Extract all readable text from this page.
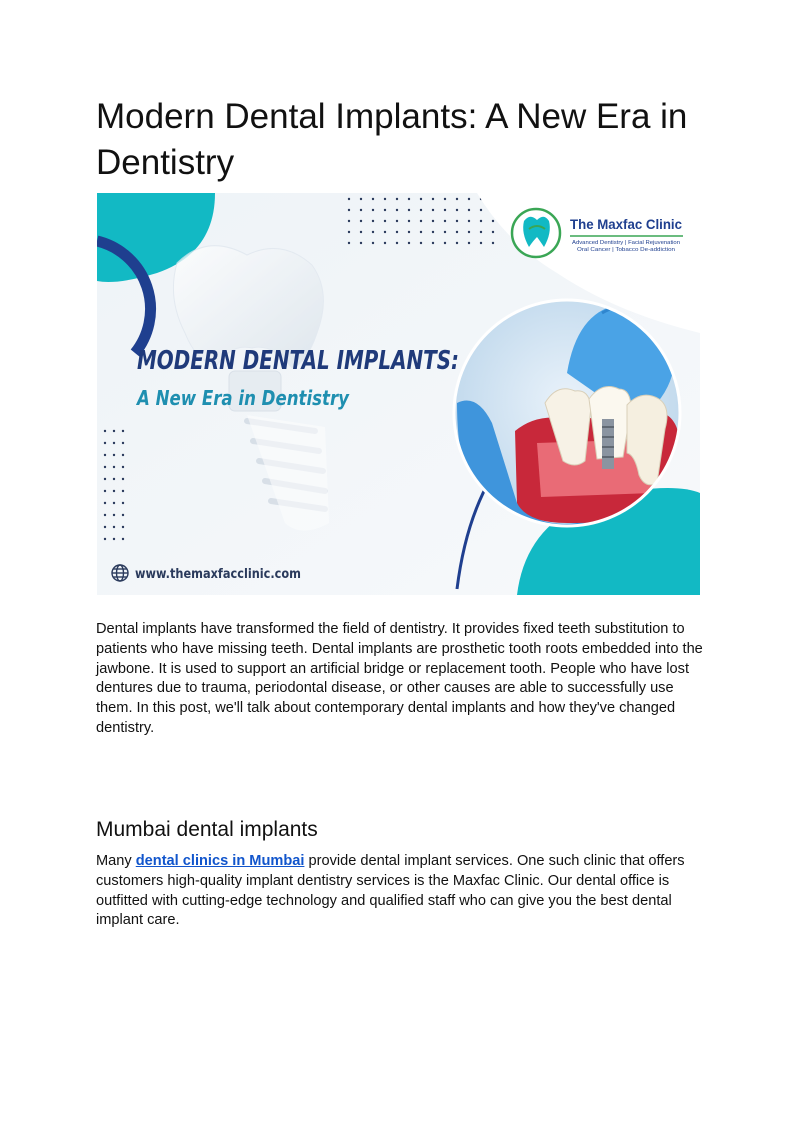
Modern Dental Implants: A New Era in Dentistry
MODERN DENTAL IMPLANTS:
A New Era in Dentistry
The Maxfac Clinic
Advanced Dentistry | Facial Rejuvenation
Oral Cancer | Tobacco De-addiction
www.themaxfacclinic.com

Dental implants have transformed the field of dentistry. It provides fixed teeth substitution to patients who have missing teeth. Dental implants are prosthetic tooth roots embedded into the jawbone. It is used to support an artificial bridge or replacement tooth. People who have lost dentures due to trauma, periodontal disease, or other causes are able to successfully use them. In this post, we'll talk about contemporary dental implants and how they've changed dentistry.

Mumbai dental implants

Many dental clinics in Mumbai provide dental implant services. One such clinic that offers customers high-quality implant dentistry services is the Maxfac Clinic. Our dental office is outfitted with cutting-edge technology and qualified staff who can give you the best dental implant care.
